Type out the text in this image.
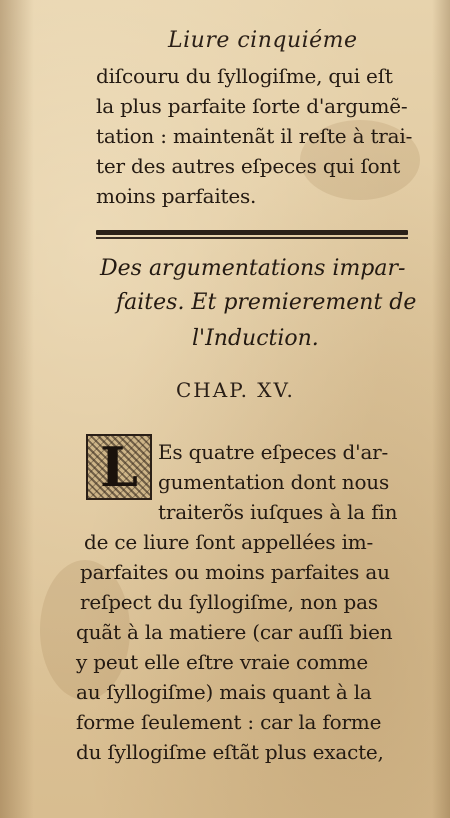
Liure cinquiéme
diſcouru du ſyllogiſme, qui eſt
la plus parfaite ſorte d'argumẽ-
tation : maintenãt il reſte à trai-
ter des autres eſpeces qui ſont
moins parfaites.
Des argumentations impar-
faites. Et premierement de
l'Induction.
CHAP. XV.
L	Es quatre eſpeces d'ar-
gumentation dont nous
traiterõs iuſques à la fin
de ce liure ſont appellées im-
parfaites ou moins parfaites au
reſpect du ſyllogiſme, non pas
quãt à la matiere (car auſſi bien
y peut elle eſtre vraie comme
au ſyllogiſme) mais quant à la
forme ſeulement : car la forme
du ſyllogiſme eſtãt plus exacte,
